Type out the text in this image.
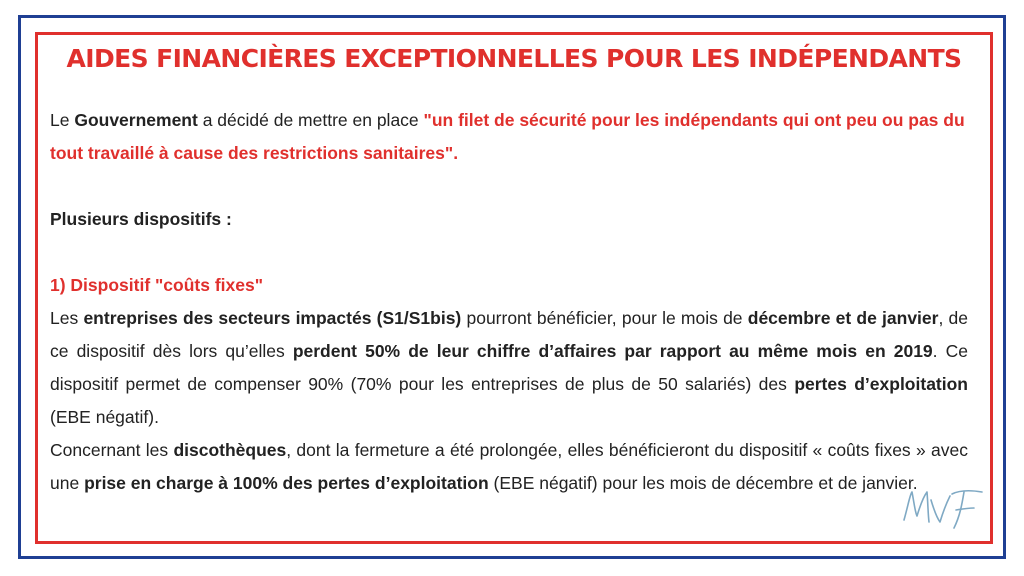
AIDES FINANCIÈRES EXCEPTIONNELLES POUR LES INDÉPENDANTS

Le Gouvernement a décidé de mettre en place "un filet de sécurité pour les indépendants qui ont peu ou pas du tout travaillé à cause des restrictions sanitaires".

Plusieurs dispositifs :

1) Dispositif "coûts fixes"

Les entreprises des secteurs impactés (S1/S1bis) pourront bénéficier, pour le mois de décembre et de janvier, de ce dispositif dès lors qu’elles perdent 50% de leur chiffre d’affaires par rapport au même mois en 2019. Ce dispositif permet de compenser 90% (70% pour les entreprises de plus de 50 salariés) des pertes d’exploitation (EBE négatif).

Concernant les discothèques, dont la fermeture a été prolongée, elles bénéficieront du dispositif « coûts fixes » avec une prise en charge à 100% des pertes d’exploitation (EBE négatif) pour les mois de décembre et de janvier.
